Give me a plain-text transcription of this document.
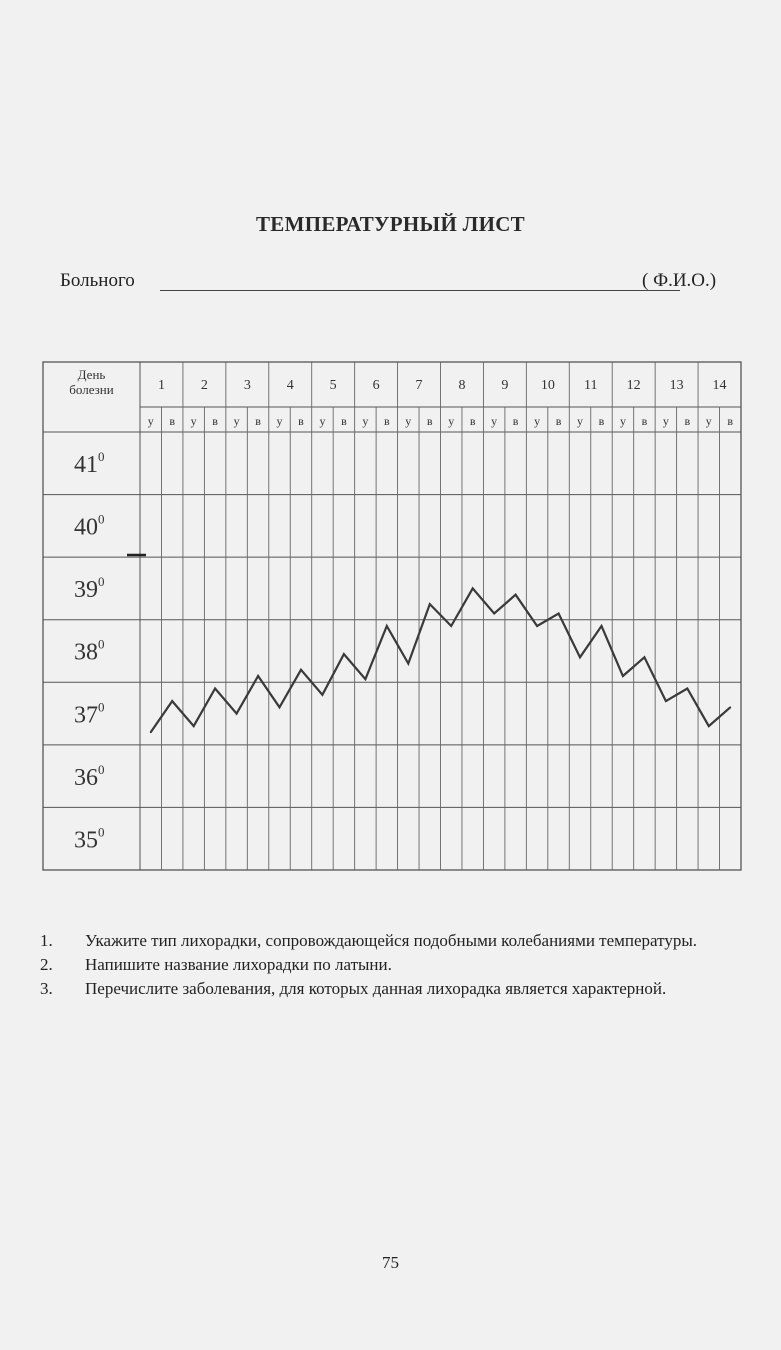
ТЕМПЕРАТУРНЫЙ ЛИСТ
Больного	( Ф.И.О.)
День болезни	1	2	3	4	5	6	7	8	9 10 11 12 13 14
у в у в у в у в у в у в у в у в у в у в у в у в у в у в
$41^0$
$40^0$
$39^0$
$38^0$
$37^0$
$36^0$
$35^0$
1. Укажите тип лихорадки, сопровождающейся подобными колебаниями температуры.
2. Напишите название лихорадки по латыни.
3. Перечислите заболевания, для которых данная лихорадка является характерной.
75
